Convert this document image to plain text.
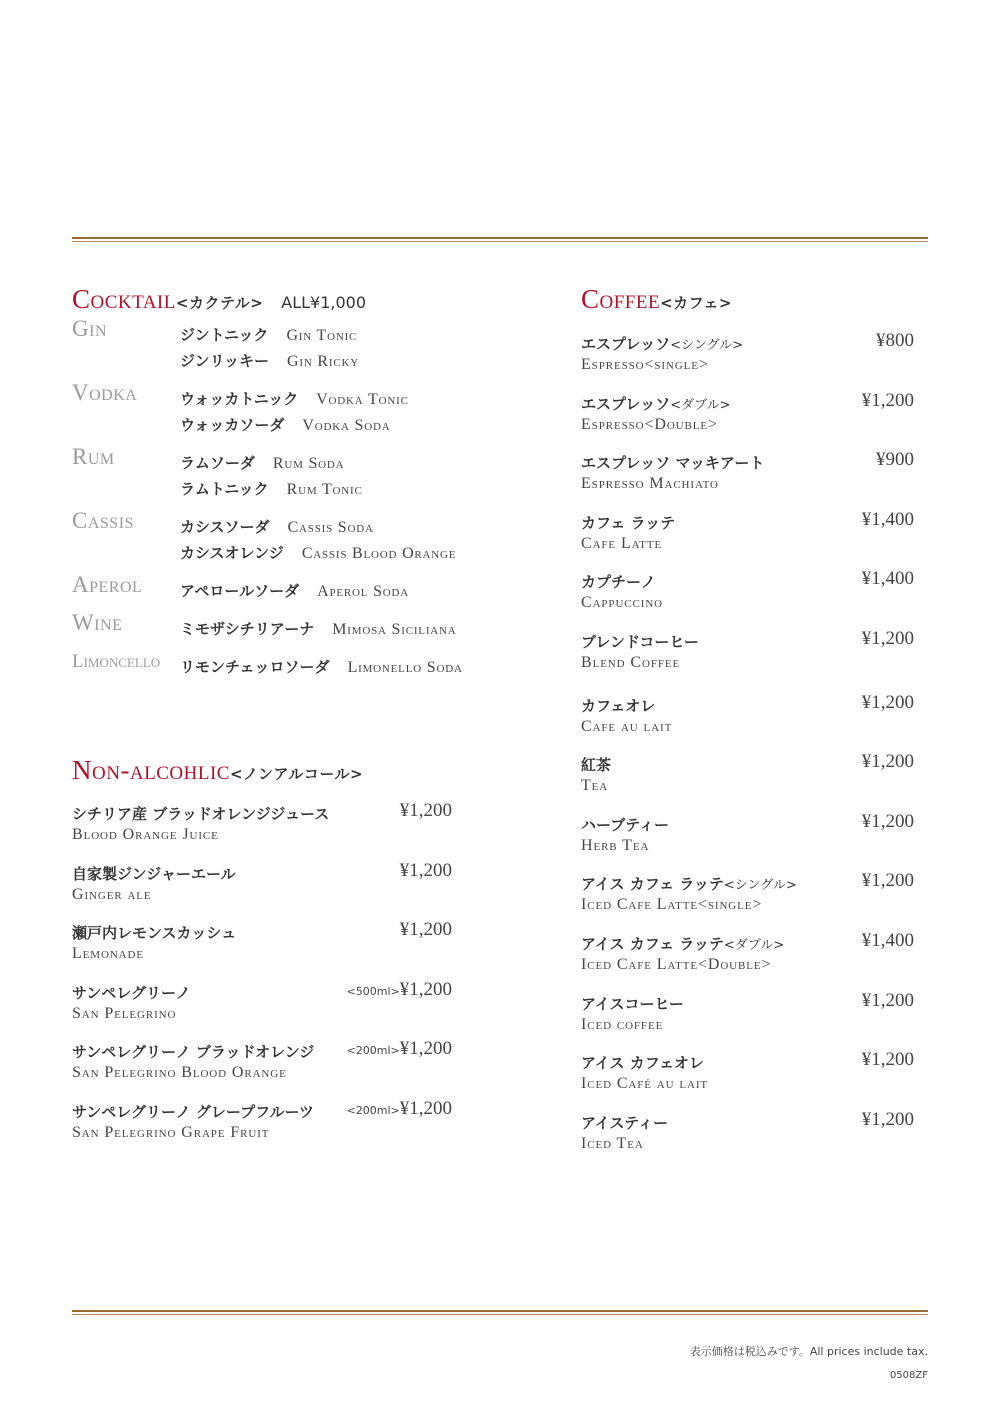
Cocktail<カクテル> ALL¥1,000
Gin	ジントニック Gin Tonic
ジンリッキー Gin Ricky
Vodka	ウォッカトニック Vodka Tonic
ウォッカソーダ Vodka Soda
Rum	ラムソーダ Rum Soda
ラムトニック Rum Tonic
Cassis	カシスソーダ Cassis Soda
カシスオレンジ Cassis Blood Orange
Aperol	アペロールソーダ Aperol Soda
Wine	ミモザシチリアーナ Mimosa Siciliana
Limoncello リモンチェッロソーダ Limonello Soda
Non-alcohlic<ノンアルコール>
シチリア産 ブラッドオレンジジュース
Blood Orange Juice
¥1,200
自家製ジンジャーエール
Ginger ale
¥1,200
瀬戸内レモンスカッシュ
Lemonade
¥1,200
サンペレグリーノ
San Pelegrino
<500ml>¥1,200
サンペレグリーノ ブラッドオレンジ
San Pelegrino Blood Orange
<200ml>¥1,200
サンペレグリーノ グレープフルーツ
San Pelegrino Grape Fruit
<200ml>¥1,200
Coffee<カフェ>
エスプレッソ<シングル>
Espresso<single>
¥800
エスプレッソ<ダブル>
Espresso<Double>
¥1,200
エスプレッソ マッキアート
Espresso Machiato
¥900
カフェ ラッテ
Cafe Latte
¥1,400
カプチーノ
Cappuccino
¥1,400
ブレンドコーヒー
Blend Coffee
¥1,200
カフェオレ
Cafe au lait
¥1,200
紅茶
Tea
¥1,200
ハーブティー
Herb Tea
¥1,200
アイス カフェ ラッテ<シングル>
Iced Cafe Latte<single>
¥1,200
アイス カフェ ラッテ<ダブル>
Iced Cafe Latte<Double>
¥1,400
アイスコーヒー
Iced coffee
¥1,200
アイス カフェオレ
Iced Café au lait
¥1,200
アイスティー
Iced Tea
¥1,200
表示価格は税込みです。All prices include tax.
0508ZF
